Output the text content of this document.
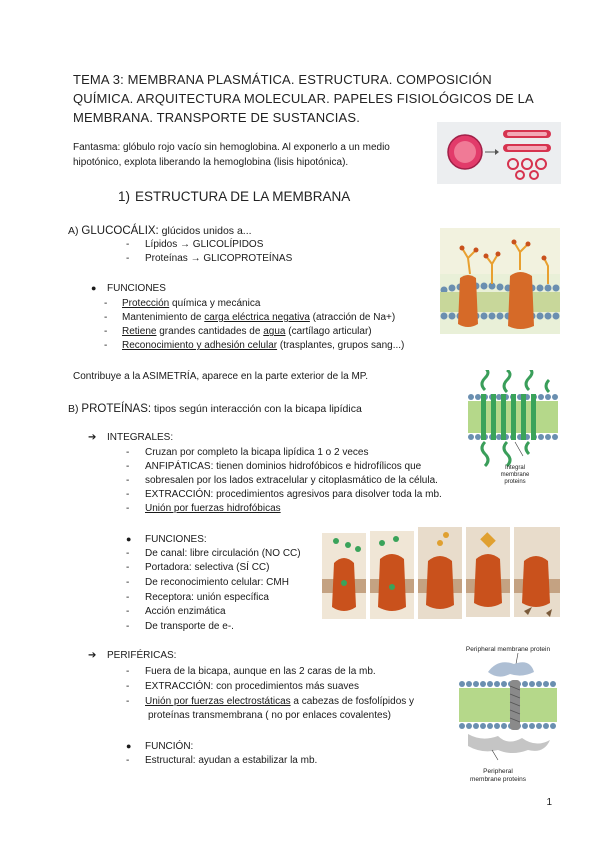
TEMA 3: MEMBRANA PLASMÁTICA. ESTRUCTURA. COMPOSICIÓN QUÍMICA. ARQUITECTURA MOLECULAR. PAPELES FISIOLÓGICOS DE LA MEMBRANA. TRANSPORTE DE SUSTANCIAS.
Fantasma: glóbulo rojo vacío sin hemoglobina. Al exponerlo a un medio
hipotónico, explota liberando la hemoglobina (lisis hipotónica).
1) ESTRUCTURA DE LA MEMBRANA
A) GLUCOCÁLIX: glúcidos unidos a...
- Lípidos → GLICOLÍPIDOS
- Proteínas → GLICOPROTEÍNAS
● FUNCIONES
- Protección química y mecánica
- Mantenimiento de carga eléctrica negativa (atracción de Na+)
- Retiene grandes cantidades de agua (cartílago articular)
- Reconocimiento y adhesión celular (trasplantes, grupos sang...)
Contribuye a la ASIMETRÍA, aparece en la parte exterior de la MP.
B) PROTEÍNAS: tipos según interacción con la bicapa lipídica
➔ INTEGRALES:
- Cruzan por completo la bicapa lipídica 1 o 2 veces
- ANFIPÁTICAS: tienen dominios hidrofóbicos e hidrofílicos que
- sobresalen por los lados extracelular y citoplasmático de la célula.
- EXTRACCIÓN: procedimientos agresivos para disolver toda la mb.
- Unión por fuerzas hidrofóbicas
● FUNCIONES:
- De canal: libre circulación (NO CC)
- Portadora: selectiva (SÍ CC)
- De reconocimiento celular: CMH
- Receptora: unión específica
- Acción enzimática
- De transporte de e-.
Integral membrane proteins
➔ PERIFÉRICAS:
- Fuera de la bicapa, aunque en las 2 caras de la mb.
- EXTRACCIÓN: con procedimientos más suaves
- Unión por fuerzas electrostáticas a cabezas de fosfolípidos y
proteínas transmembrana ( no por enlaces covalentes)
● FUNCIÓN:
- Estructural: ayudan a estabilizar la mb.
Peripheral membrane protein
Peripheral membrane proteins
1
